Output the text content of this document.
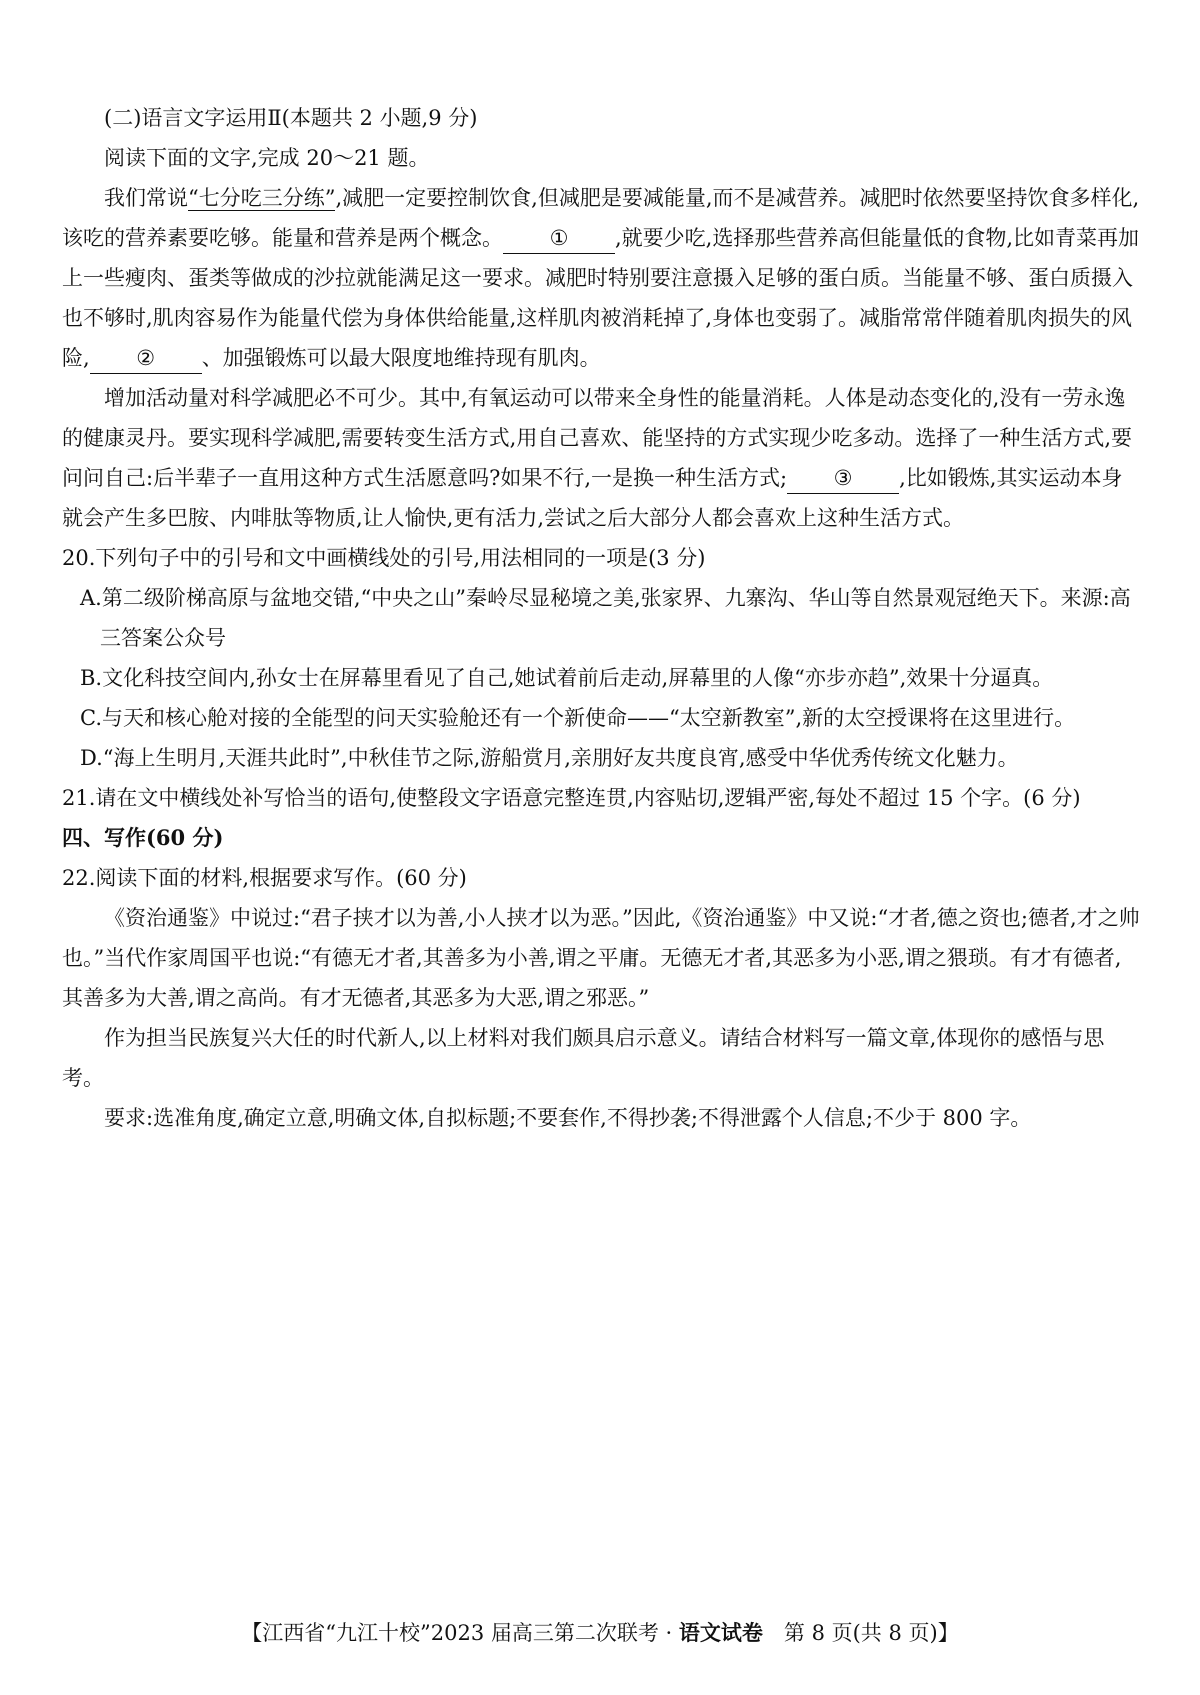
(二)语言文字运用Ⅱ(本题共 2 小题,9 分)

阅读下面的文字,完成 20～21 题。

我们常说“七分吃三分练”,减肥一定要控制饮食,但减肥是要减能量,而不是减营养。减肥时依然要坚持饮食多样化,该吃的营养素要吃够。能量和营养是两个概念。 ① ,就要少吃,选择那些营养高但能量低的食物,比如青菜再加上一些瘦肉、蛋类等做成的沙拉就能满足这一要求。减肥时特别要注意摄入足够的蛋白质。当能量不够、蛋白质摄入也不够时,肌肉容易作为能量代偿为身体供给能量,这样肌肉被消耗掉了,身体也变弱了。减脂常常伴随着肌肉损失的风险, ② 、加强锻炼可以最大限度地维持现有肌肉。

增加活动量对科学减肥必不可少。其中,有氧运动可以带来全身性的能量消耗。人体是动态变化的,没有一劳永逸的健康灵丹。要实现科学减肥,需要转变生活方式,用自己喜欢、能坚持的方式实现少吃多动。选择了一种生活方式,要问问自己:后半辈子一直用这种方式生活愿意吗?如果不行,一是换一种生活方式; ③ ,比如锻炼,其实运动本身就会产生多巴胺、内啡肽等物质,让人愉快,更有活力,尝试之后大部分人都会喜欢上这种生活方式。

20.下列句子中的引号和文中画横线处的引号,用法相同的一项是(3 分)

A.第二级阶梯高原与盆地交错,“中央之山”秦岭尽显秘境之美,张家界、九寨沟、华山等自然景观冠绝天下。来源:高三答案公众号

B.文化科技空间内,孙女士在屏幕里看见了自己,她试着前后走动,屏幕里的人像“亦步亦趋”,效果十分逼真。

C.与天和核心舱对接的全能型的问天实验舱还有一个新使命——“太空新教室”,新的太空授课将在这里进行。

D.“海上生明月,天涯共此时”,中秋佳节之际,游船赏月,亲朋好友共度良宵,感受中华优秀传统文化魅力。

21.请在文中横线处补写恰当的语句,使整段文字语意完整连贯,内容贴切,逻辑严密,每处不超过 15 个字。(6 分)

四、写作(60 分)

22.阅读下面的材料,根据要求写作。(60 分)

《资治通鉴》中说过:“君子挟才以为善,小人挟才以为恶。”因此,《资治通鉴》中又说:“才者,德之资也;德者,才之帅也。”当代作家周国平也说:“有德无才者,其善多为小善,谓之平庸。无德无才者,其恶多为小恶,谓之猥琐。有才有德者,其善多为大善,谓之高尚。有才无德者,其恶多为大恶,谓之邪恶。”

作为担当民族复兴大任的时代新人,以上材料对我们颇具启示意义。请结合材料写一篇文章,体现你的感悟与思考。

要求:选准角度,确定立意,明确文体,自拟标题;不要套作,不得抄袭;不得泄露个人信息;不少于 800 字。

【江西省“九江十校”2023 届高三第二次联考 · 语文试卷　第 8 页(共 8 页)】
